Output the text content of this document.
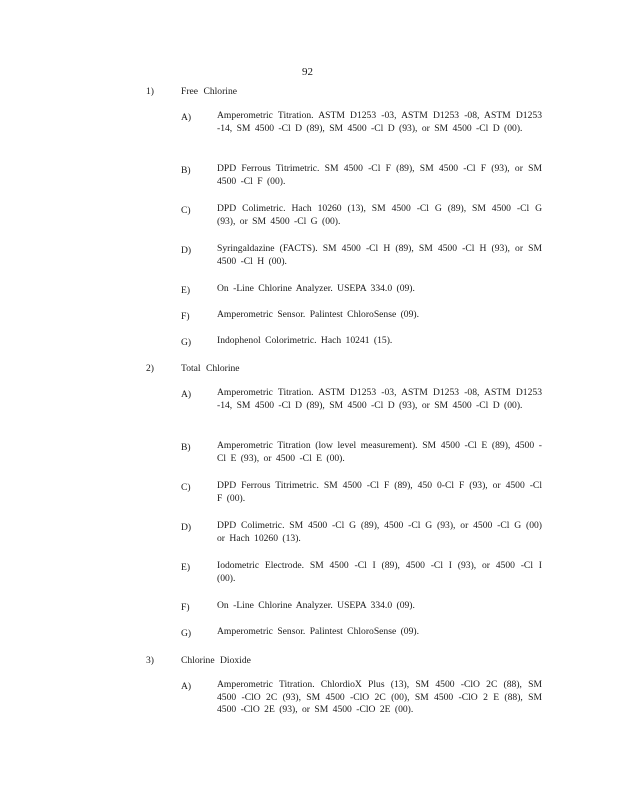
92
1)	Free Chlorine
A)	Amperometric Titration. ASTM D1253 -03, ASTM D1253 -08, ASTM D1253 -14, SM 4500 -Cl D (89), SM 4500 -Cl D (93), or SM 4500 -Cl D (00).
B)	DPD Ferrous Titrimetric. SM 4500 -Cl F (89), SM 4500 -Cl F (93), or SM 4500 -Cl F (00).
C)	DPD Colimetric. Hach 10260 (13), SM 4500 -Cl G (89), SM 4500 -Cl G (93), or SM 4500 -Cl G (00).
D)	Syringaldazine (FACTS). SM 4500 -Cl H (89), SM 4500 -Cl H (93), or SM 4500 -Cl H (00).
E)	On -Line Chlorine Analyzer. USEPA 334.0 (09).
F)	Amperometric Sensor. Palintest ChloroSense (09).
G)	Indophenol Colorimetric. Hach 10241 (15).
2)	Total Chlorine
A)	Amperometric Titration. ASTM D1253 -03, ASTM D1253 -08, ASTM D1253 -14, SM 4500 -Cl D (89), SM 4500 -Cl D (93), or SM 4500 -Cl D (00).
B)	Amperometric Titration (low level measurement). SM 4500 -Cl E (89), 4500 -Cl E (93), or 4500 -Cl E (00).
C)	DPD Ferrous Titrimetric. SM 4500 -Cl F (89), 450 0-Cl F (93), or 4500 -Cl F (00).
D)	DPD Colimetric. SM 4500 -Cl G (89), 4500 -Cl G (93), or 4500 -Cl G (00) or Hach 10260 (13).
E)	Iodometric Electrode. SM 4500 -Cl I (89), 4500 -Cl I (93), or 4500 -Cl I (00).
F)	On -Line Chlorine Analyzer. USEPA 334.0 (09).
G)	Amperometric Sensor. Palintest ChloroSense (09).
3)	Chlorine Dioxide
A)	Amperometric Titration. ChlordioX Plus (13), SM 4500 -ClO 2C (88), SM 4500 -ClO 2C (93), SM 4500 -ClO 2C (00), SM 4500 -ClO 2 E (88), SM 4500 -ClO 2E (93), or SM 4500 -ClO 2E (00).
